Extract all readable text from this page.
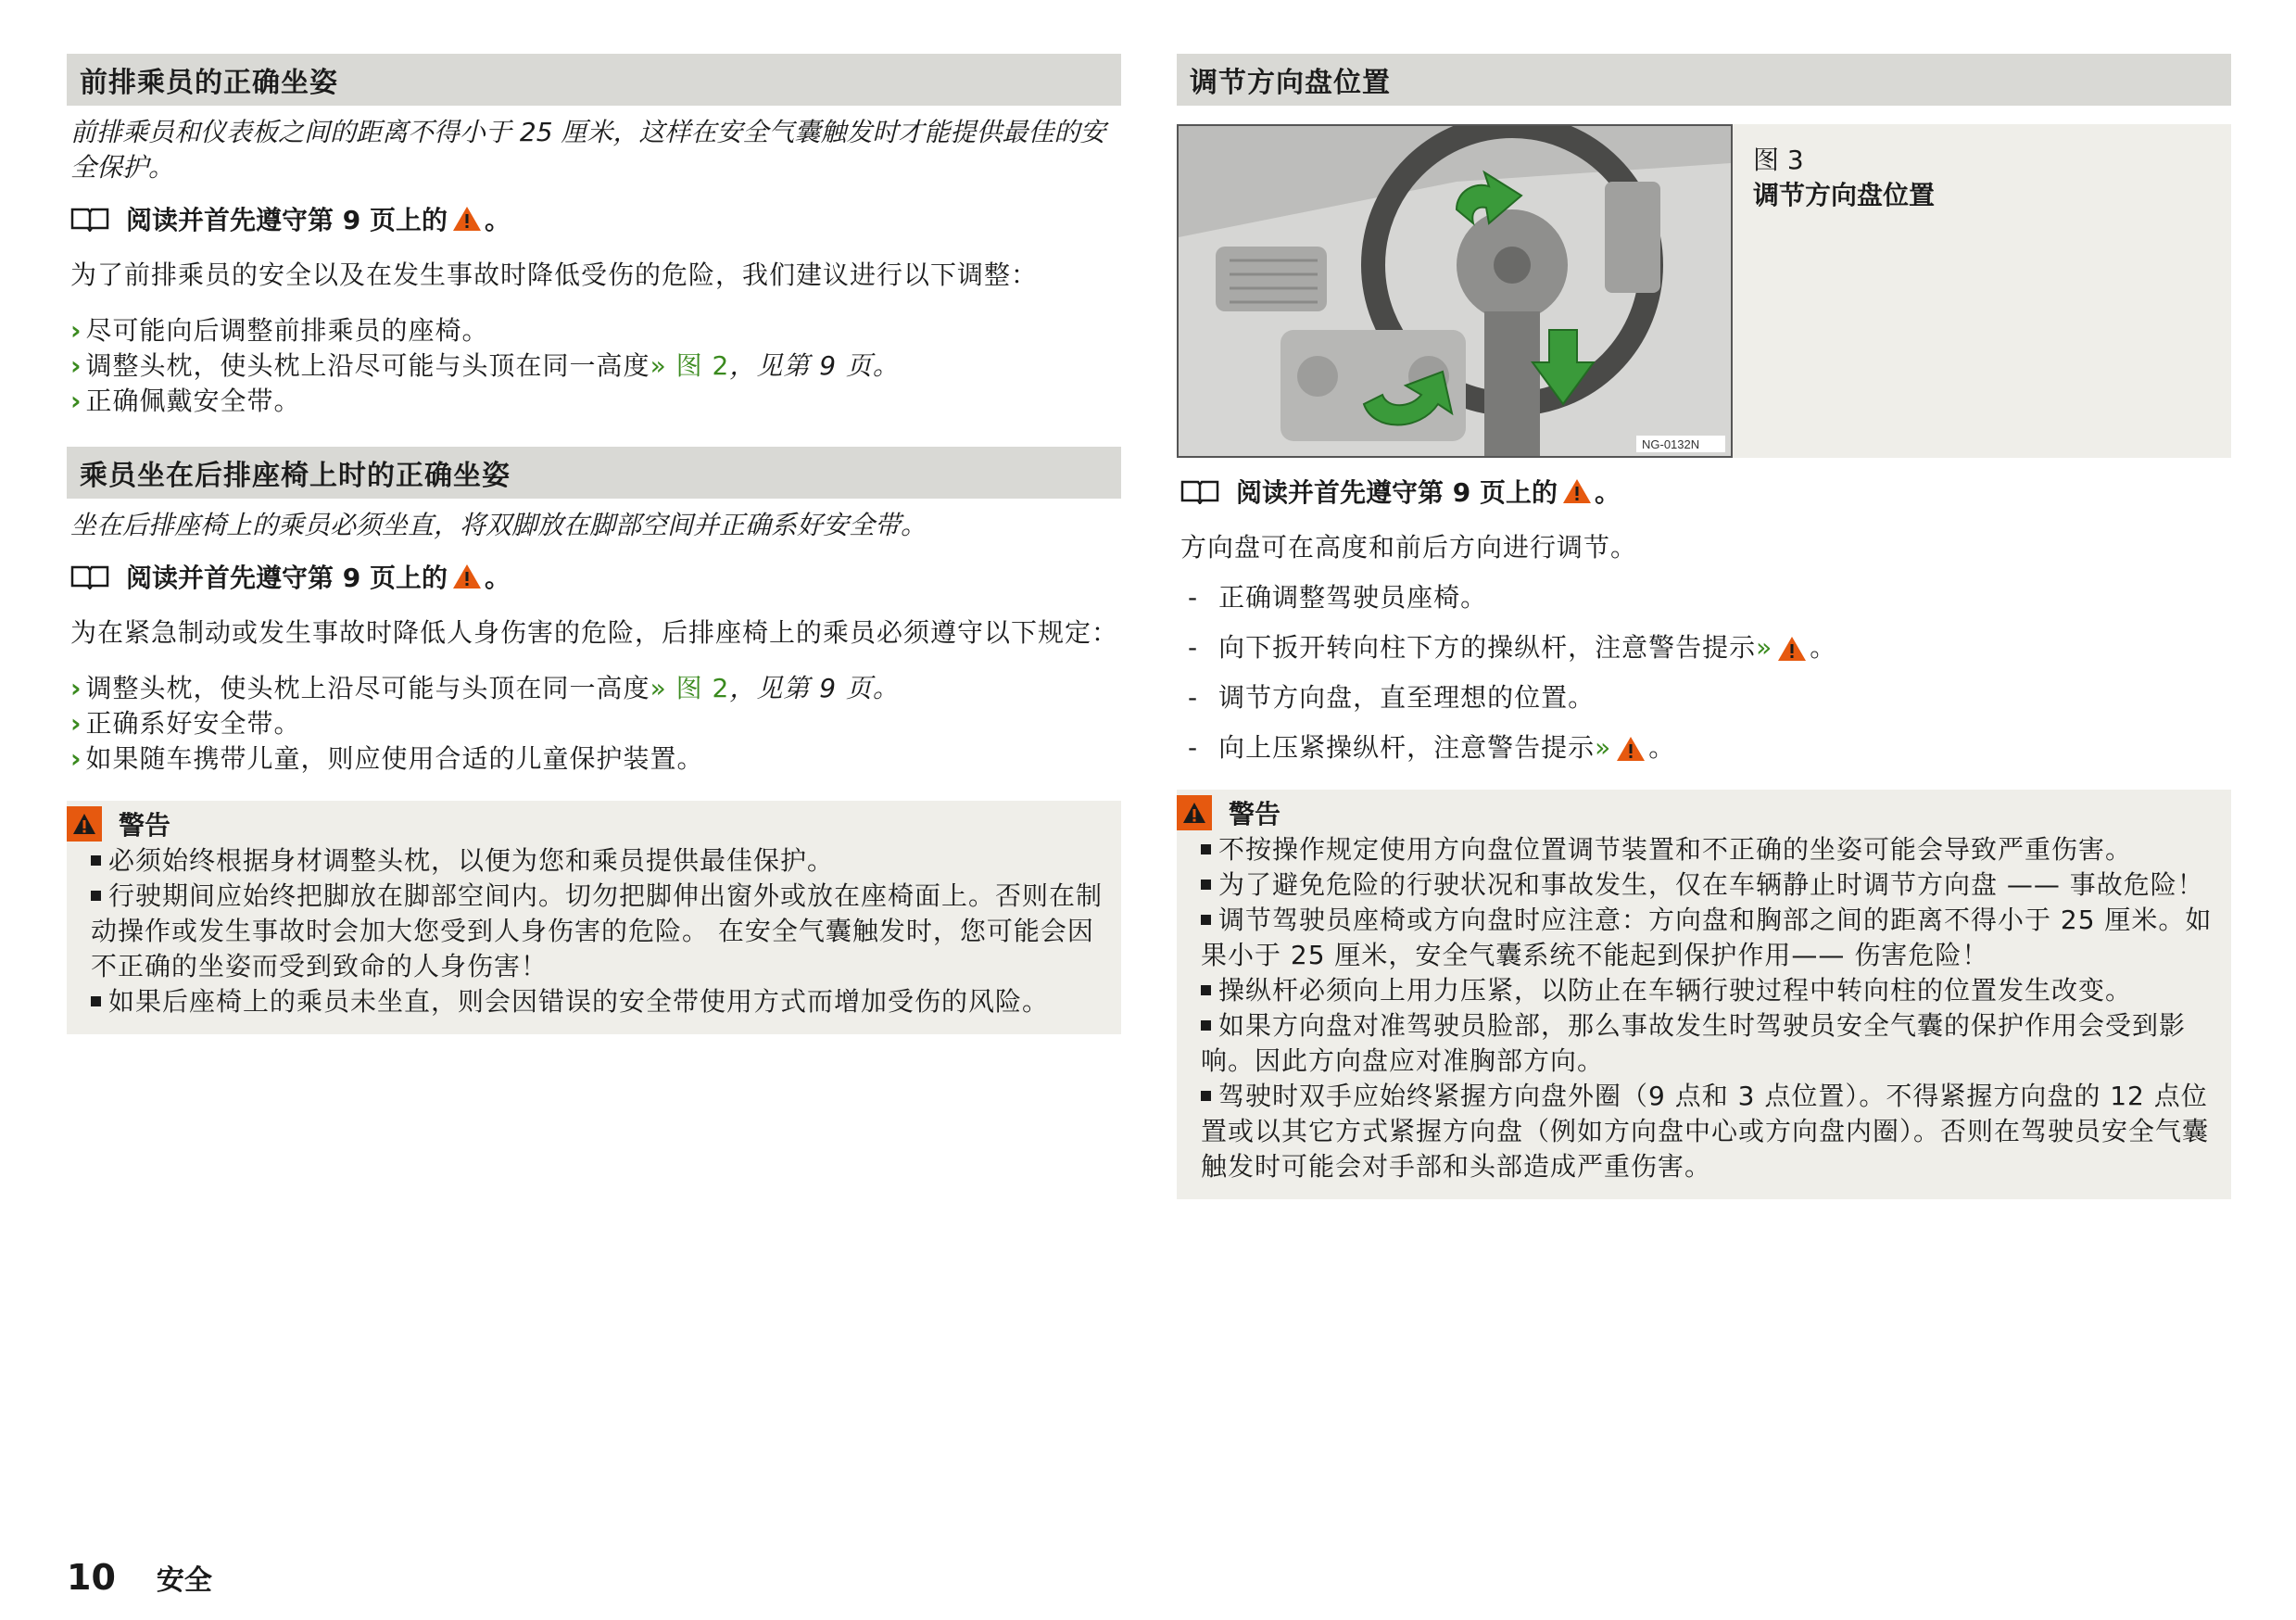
前排乘员的正确坐姿
前排乘员和仪表板之间的距离不得小于 25 厘米，这样在安全气囊触发时才能提供最佳的安全保护。
阅读并首先遵守第 9 页上的 。
为了前排乘员的安全以及在发生事故时降低受伤的危险，我们建议进行以下调整：
› 尽可能向后调整前排乘员的座椅。
› 调整头枕，使头枕上沿尽可能与头顶在同一高度» 图 2，见第 9 页。
› 正确佩戴安全带。
乘员坐在后排座椅上时的正确坐姿
坐在后排座椅上的乘员必须坐直，将双脚放在脚部空间并正确系好安全带。
阅读并首先遵守第 9 页上的 。
为在紧急制动或发生事故时降低人身伤害的危险，后排座椅上的乘员必须遵守以下规定：
› 调整头枕，使头枕上沿尽可能与头顶在同一高度» 图 2，见第 9 页。
› 正确系好安全带。
› 如果随车携带儿童，则应使用合适的儿童保护装置。
警告
必须始终根据身材调整头枕，以便为您和乘员提供最佳保护。
行驶期间应始终把脚放在脚部空间内。切勿把脚伸出窗外或放在座椅面上。否则在制动操作或发生事故时会加大您受到人身伤害的危险。 在安全气囊触发时，您可能会因不正确的坐姿而受到致命的人身伤害！
如果后座椅上的乘员未坐直，则会因错误的安全带使用方式而增加受伤的风险。
调节方向盘位置
NG-0132N
图 3
调节方向盘位置
阅读并首先遵守第 9 页上的 。
方向盘可在高度和前后方向进行调节。
- 正确调整驾驶员座椅。
- 向下扳开转向柱下方的操纵杆，注意警告提示» 。
- 调节方向盘，直至理想的位置。
- 向上压紧操纵杆，注意警告提示» 。
警告
不按操作规定使用方向盘位置调节装置和不正确的坐姿可能会导致严重伤害。
为了避免危险的行驶状况和事故发生，仅在车辆静止时调节方向盘 —— 事故危险！
调节驾驶员座椅或方向盘时应注意：方向盘和胸部之间的距离不得小于 25 厘米。如果小于 25 厘米，安全气囊系统不能起到保护作用—— 伤害危险！
操纵杆必须向上用力压紧，以防止在车辆行驶过程中转向柱的位置发生改变。
如果方向盘对准驾驶员脸部，那么事故发生时驾驶员安全气囊的保护作用会受到影响。因此方向盘应对准胸部方向。
驾驶时双手应始终紧握方向盘外圈（9 点和 3 点位置）。不得紧握方向盘的 12 点位置或以其它方式紧握方向盘（例如方向盘中心或方向盘内圈）。否则在驾驶员安全气囊触发时可能会对手部和头部造成严重伤害。
10 安全
